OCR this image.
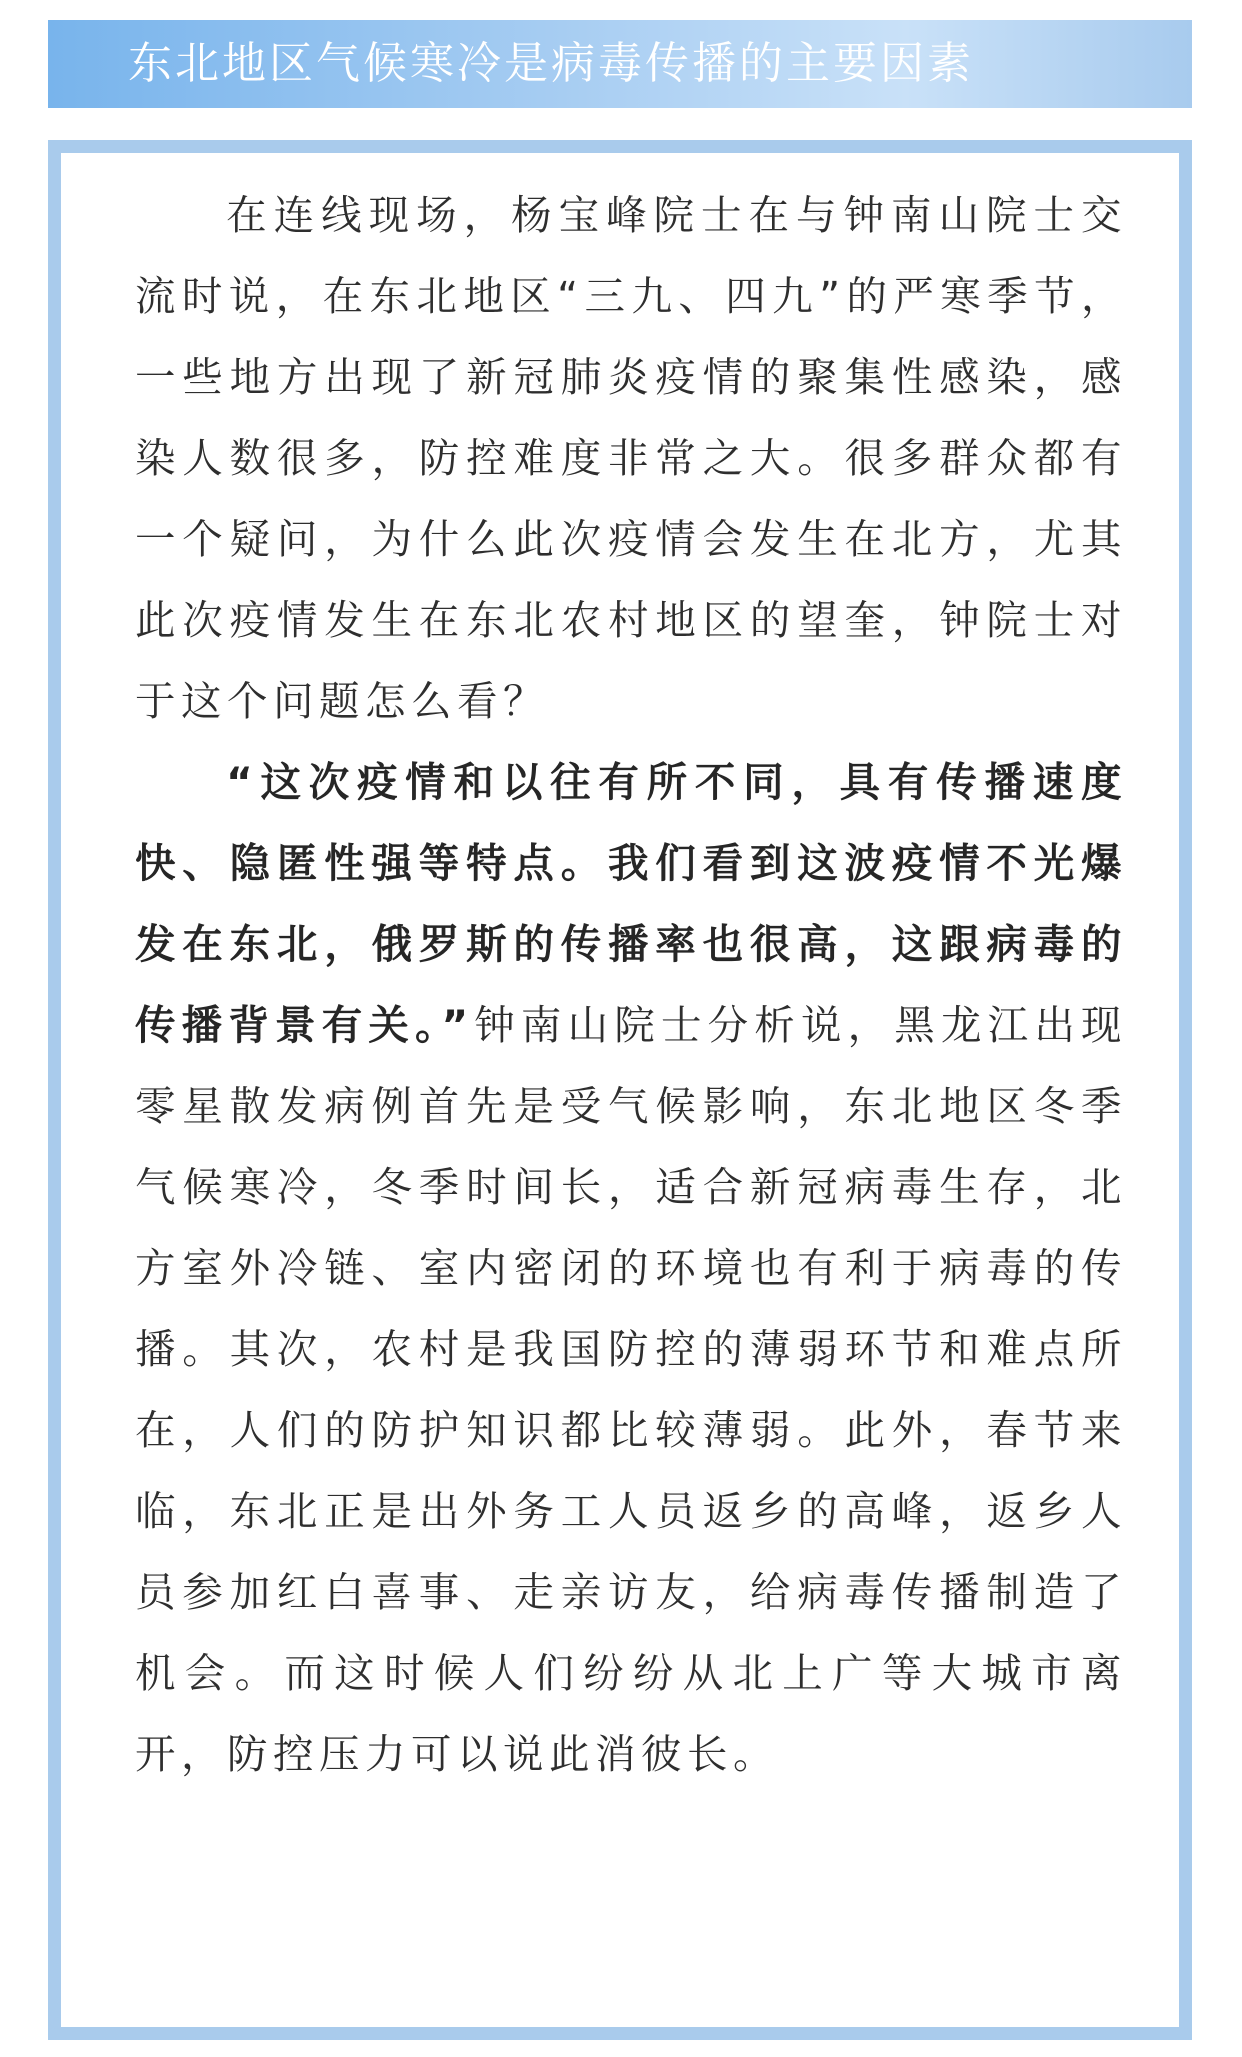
东北地区气候寒冷是病毒传播的主要因素

在连线现场，杨宝峰院士在与钟南山院士交流时说，在东北地区“三九、四九”的严寒季节，一些地方出现了新冠肺炎疫情的聚集性感染，感染人数很多，防控难度非常之大。很多群众都有一个疑问，为什么此次疫情会发生在北方，尤其此次疫情发生在东北农村地区的望奎，钟院士对于这个问题怎么看？

“这次疫情和以往有所不同，具有传播速度快、隐匿性强等特点。我们看到这波疫情不光爆发在东北，俄罗斯的传播率也很高，这跟病毒的传播背景有关。”钟南山院士分析说，黑龙江出现零星散发病例首先是受气候影响，东北地区冬季气候寒冷，冬季时间长，适合新冠病毒生存，北方室外冷链、室内密闭的环境也有利于病毒的传播。其次，农村是我国防控的薄弱环节和难点所在，人们的防护知识都比较薄弱。此外，春节来临，东北正是出外务工人员返乡的高峰，返乡人员参加红白喜事、走亲访友，给病毒传播制造了机会。而这时候人们纷纷从北上广等大城市离开，防控压力可以说此消彼长。
